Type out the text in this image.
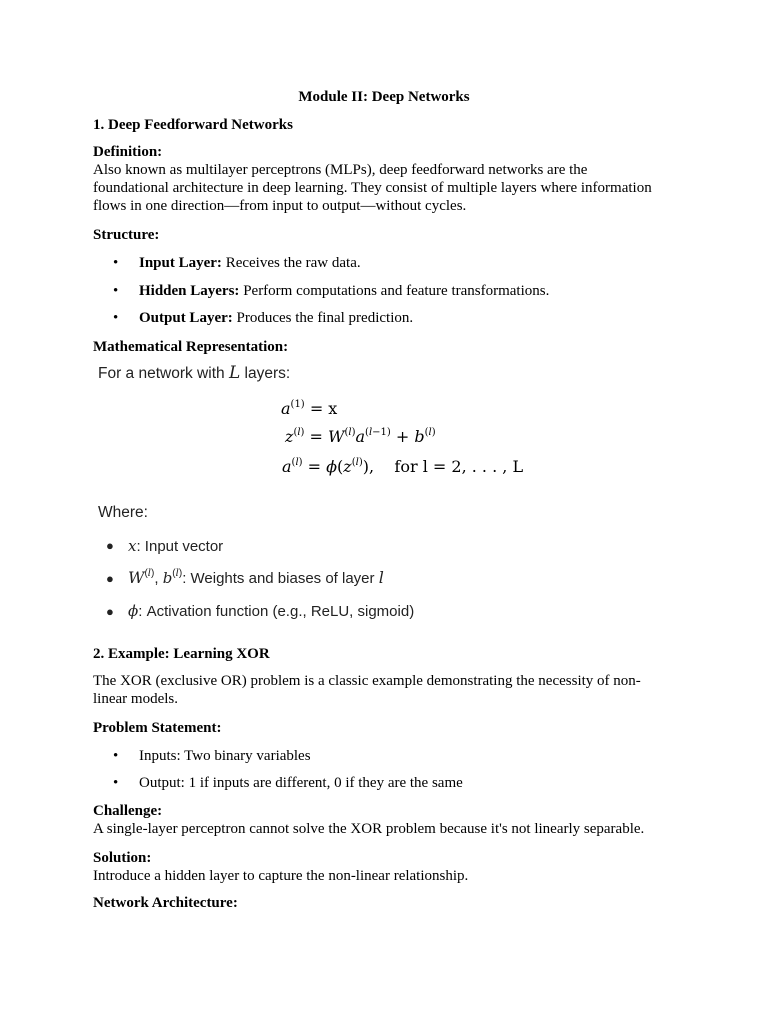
Module II: Deep Networks
1. Deep Feedforward Networks
Definition:
Also known as multilayer perceptrons (MLPs), deep feedforward networks are the
foundational architecture in deep learning. They consist of multiple layers where information
flows in one direction—from input to output—without cycles.
Structure:
• Input Layer: Receives the raw data.
• Hidden Layers: Perform computations and feature transformations.
• Output Layer: Produces the final prediction.
Mathematical Representation:
For a network with L layers:
$a^{(1)} = x$
$z^{(l)} = W^{(l)}a^{(l-1)} + b^{(l)}$
$a^{(l)} = \phi(z^{(l)})$,    for l = 2, . . . , L
Where:
● x: Input vector
● $W^{(l)}$, $b^{(l)}$: Weights and biases of layer l
● ϕ: Activation function (e.g., ReLU, sigmoid)
2. Example: Learning XOR
The XOR (exclusive OR) problem is a classic example demonstrating the necessity of non-
linear models.
Problem Statement:
• Inputs: Two binary variables
• Output: 1 if inputs are different, 0 if they are the same
Challenge:
A single-layer perceptron cannot solve the XOR problem because it's not linearly separable.
Solution:
Introduce a hidden layer to capture the non-linear relationship.
Network Architecture:
